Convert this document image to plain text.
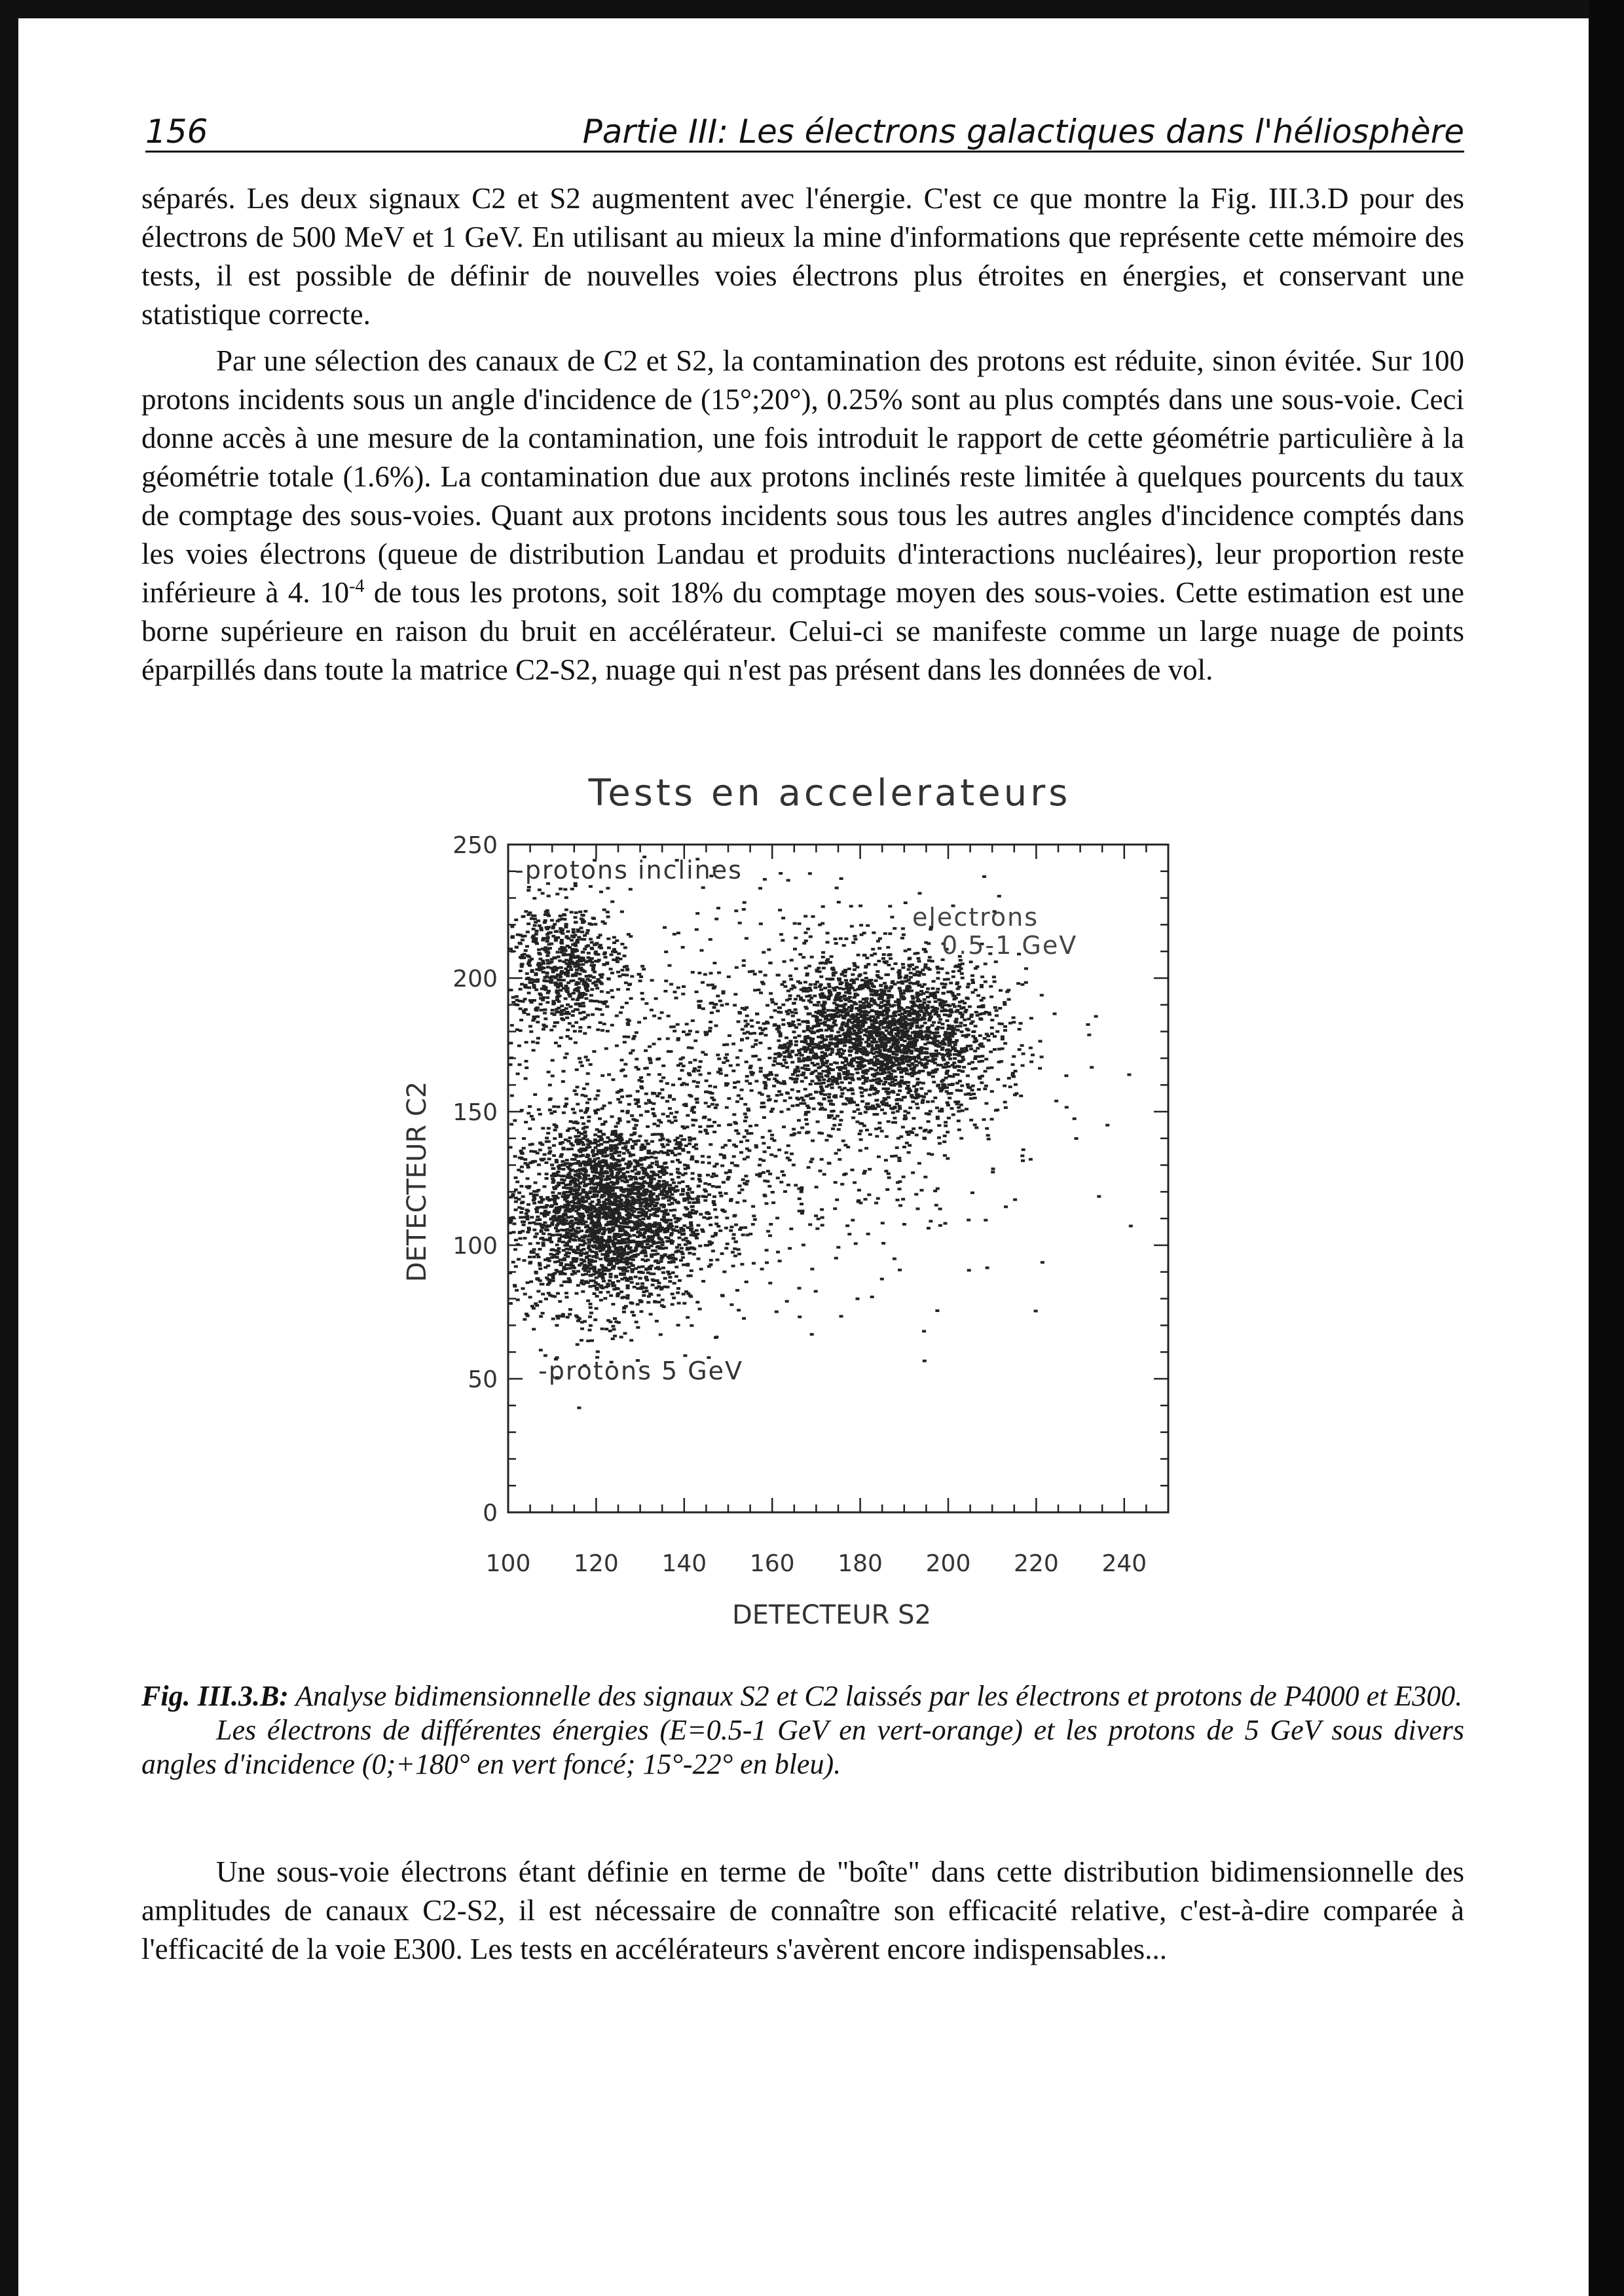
156	Partie III: Les électrons galactiques dans l'héliosphère

séparés. Les deux signaux C2 et S2 augmentent avec l'énergie. C'est ce que montre la Fig. III.3.D pour des électrons de 500 MeV et 1 GeV. En utilisant au mieux la mine d'informations que représente cette mémoire des tests, il est possible de définir de nouvelles voies électrons plus étroites en énergies, et conservant une statistique correcte.

Par une sélection des canaux de C2 et S2, la contamination des protons est réduite, sinon évitée. Sur 100 protons incidents sous un angle d'incidence de (15°;20°), 0.25% sont au plus comptés dans une sous-voie. Ceci donne accès à une mesure de la contamination, une fois introduit le rapport de cette géométrie particulière à la géométrie totale (1.6%). La contamination due aux protons inclinés reste limitée à quelques pourcents du taux de comptage des sous-voies. Quant aux protons incidents sous tous les autres angles d'incidence comptés dans les voies électrons (queue de distribution Landau et produits d'interactions nucléaires), leur proportion reste inférieure à 4. $10^{-4}$ de tous les protons, soit 18% du comptage moyen des sous-voies. Cette estimation est une borne supérieure en raison du bruit en accélérateur. Celui-ci se manifeste comme un large nuage de points éparpillés dans toute la matrice C2-S2, nuage qui n'est pas présent dans les données de vol.

Tests en accelerateurs
100 120 140 160 180 200 220 240
0
50
100
150
200
250
-protons inclines
electrons
0.5-1 GeV
-protons 5 GeV
DETECTEUR S2
DETECTEUR C2

Fig. III.3.B: Analyse bidimensionnelle des signaux S2 et C2 laissés par les électrons et protons de P4000 et E300.

Les électrons de différentes énergies (E=0.5-1 GeV en vert-orange) et les protons de 5 GeV sous divers angles d'incidence (0;+180° en vert foncé; 15°-22° en bleu).

Une sous-voie électrons étant définie en terme de "boîte" dans cette distribution bidimensionnelle des amplitudes de canaux C2-S2, il est nécessaire de connaître son efficacité relative, c'est-à-dire comparée à l'efficacité de la voie E300. Les tests en accélérateurs s'avèrent encore indispensables...
